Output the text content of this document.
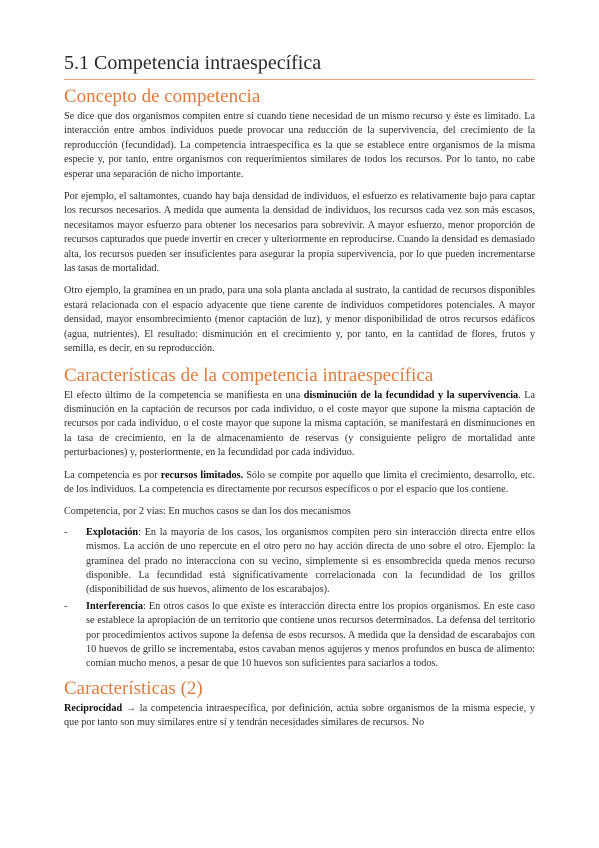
5.1 Competencia intraespecífica
Concepto de competencia

Se dice que dos organismos compiten entre sí cuando tiene necesidad de un mismo recurso y éste es limitado. La interacción entre ambos individuos puede provocar una reducción de la supervivencia, del crecimiento de la reproducción (fecundidad). La competencia intraespecífica es la que se establece entre organismos de la misma especie y, por tanto, entre organismos con requerimientos similares de todos los recursos. Por lo tanto, no cabe esperar una separación de nicho importante.

Por ejemplo, el saltamontes, cuando hay baja densidad de individuos, el esfuerzo es relativamente bajo para captar los recursos necesarios. A medida que aumenta la densidad de individuos, los recursos cada vez son más escasos, necesitamos mayor esfuerzo para obtener los necesarios para sobrevivir. A mayor esfuerzo, menor proporción de recursos capturados que puede invertir en crecer y ulteriormente en reproducirse. Cuando la densidad es demasiado alta, los recursos pueden ser insuficientes para asegurar la propia supervivencia, por lo que pueden incrementarse las tasas de mortalidad.

Otro ejemplo, la gramínea en un prado, para una sola planta anclada al sustrato, la cantidad de recursos disponibles estará relacionada con el espacio adyacente que tiene carente de individuos competidores potenciales. A mayor densidad, mayor ensombrecimiento (menor captación de luz), y menor disponibilidad de otros recursos edáficos (agua, nutrientes). El resultado: disminución en el crecimiento y, por tanto, en la cantidad de flores, frutos y semilla, es decir, en su reproducción.

Características de la competencia intraespecífica

El efecto último de la competencia se manifiesta en una disminución de la fecundidad y la supervivencia. La disminución en la captación de recursos por cada individuo, o el coste mayor que supone la misma captación de recursos por cada individuo, o el coste mayor que supone la misma captación, se manifestará en disminuciones en la tasa de crecimiento, en la de almacenamiento de reservas (y consiguiente peligro de mortalidad ante perturbaciones) y, posteriormente, en la fecundidad por cada individuo.

La competencia es por recursos limitados. Sólo se compite por aquello que limita el crecimiento, desarrollo, etc. de los individuos. La competencia es directamente por recursos específicos o por el espacio que los contiene.

Competencia, por 2 vías: En muchos casos se dan los dos mecanismos

- Explotación: En la mayoría de los casos, los organismos compiten pero sin interacción directa entre ellos mismos. La acción de uno repercute en el otro pero no hay acción directa de uno sobre el otro. Ejemplo: la gramínea del prado no interacciona con su vecino, simplemente si es ensombrecida queda menos recurso disponible. La fecundidad está significativamente correlacionada con la fecundidad de los grillos (disponibilidad de sus huevos, alimento de los escarabajos).
- Interferencia: En otros casos lo que existe es interacción directa entre los propios organismos. En este caso se establece la apropiación de un territorio que contiene unos recursos determinados. La defensa del territorio por procedimientos activos supone la defensa de esos recursos. A medida que la densidad de escarabajos con 10 huevos de grillo se incrementaba, estos cavaban menos agujeros y menos profundos en busca de alimento: comían mucho menos, a pesar de que 10 huevos son suficientes para saciarlos a todos.
Características (2)

Reciprocidad → la competencia intraespecífica, por definición, actúa sobre organismos de la misma especie, y que por tanto son muy similares entre sí y tendrán necesidades similares de recursos. No
